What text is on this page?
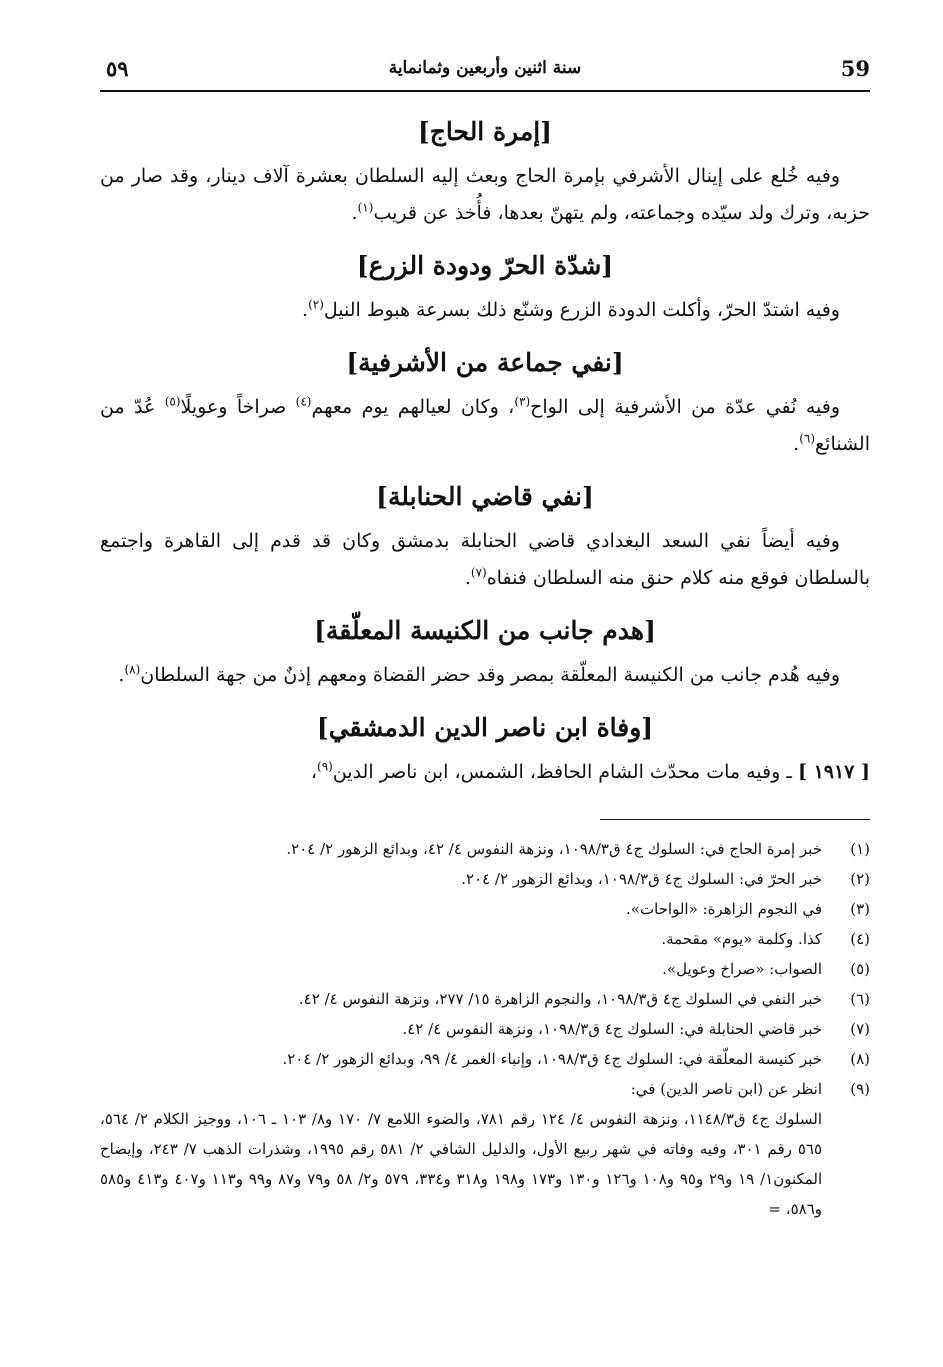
59
سنة اثنين وأربعين وثمانماية
٥٩
[إمرة الحاج]

وفيه خُلع على إينال الأشرفي بإمرة الحاج وبعث إليه السلطان بعشرة آلاف دينار، وقد صار من حزبه، وترك ولد سيّده وجماعته، ولم يتهنّ بعدها، فأُخذ عن قريب$^{(١)}$.

[شدّة الحرّ ودودة الزرع]

وفيه اشتدّ الحرّ، وأكلت الدودة الزرع وشنّع ذلك بسرعة هبوط النيل$^{(٢)}$.

[نفي جماعة من الأشرفية]

وفيه نُفي عدّة من الأشرفية إلى الواح$^{(٣)}$، وكان لعيالهم يوم معهم$^{(٤)}$ صراخاً وعويلًا$^{(٥)}$ عُدّ من الشنائع$^{(٦)}$.

[نفي قاضي الحنابلة]

وفيه أيضاً نفي السعد البغدادي قاضي الحنابلة بدمشق وكان قد قدم إلى القاهرة واجتمع بالسلطان فوقع منه كلام حنق منه السلطان فنفاه$^{(٧)}$.

[هدم جانب من الكنيسة المعلّقة]

وفيه هُدم جانب من الكنيسة المعلّقة بمصر وقد حضر القضاة ومعهم إذنٌ من جهة السلطان$^{(٨)}$.

[وفاة ابن ناصر الدين الدمشقي]

[ ١٩١٧ ] ـ وفيه مات محدّث الشام الحافظ، الشمس، ابن ناصر الدين$^{(٩)}$،

(١)
خبر إمرة الحاج في: السلوك ج٤ ق١٠٩٨/٣، ونزهة النفوس ٤/ ٤٢، وبدائع الزهور ٢/ ٢٠٤.
(٢)
خبر الحرّ في: السلوك ج٤ ق١٠٩٨/٣، وبدائع الزهور ٢/ ٢٠٤.
(٣)
في النجوم الزاهرة: «الواحات».
(٤)
كذا. وكلمة «يوم» مقحمة.
(٥)
الصواب: «صراخ وعويل».
(٦)
خبر النفي في السلوك ج٤ ق١٠٩٨/٣، والنجوم الزاهرة ١٥/ ٢٧٧، ونزهة النفوس ٤/ ٤٢.
(٧)
خبر قاضي الحنابلة في: السلوك ج٤ ق١٠٩٨/٣، ونزهة النفوس ٤/ ٤٢.
(٨)
خبر كنيسة المعلّقة في: السلوك ج٤ ق١٠٩٨/٣، وإنباء الغمر ٤/ ٩٩، وبدائع الزهور ٢/ ٢٠٤.
(٩)
انظر عن (ابن ناصر الدين) في:
السلوك ج٤ ق١١٤٨/٣، ونزهة النفوس ٤/ ١٢٤ رقم ٧٨١، والضوء اللامع ٧/ ١٧٠ و٨/ ١٠٣ ـ ١٠٦، ووجيز الكلام ٢/ ٥٦٤، ٥٦٥ رقم ٣٠١، وفيه وفاته في شهر ربيع الأول، والدليل الشافي ٢/ ٥٨١ رقم ١٩٩٥، وشذرات الذهب ٧/ ٢٤٣، وإيضاح المكنون١/ ١٩ و٢٩ و٩٥ و١٠٨ و١٢٦ و١٣٠ و١٧٣ و١٩٨ و٣١٨ و٣٣٤، ٥٧٩ و٢/ ٥٨ و٧٩ و٨٧ و٩٩ و١١٣ و٤٠٧ و٤١٣ و٥٨٥ و٥٨٦، =
